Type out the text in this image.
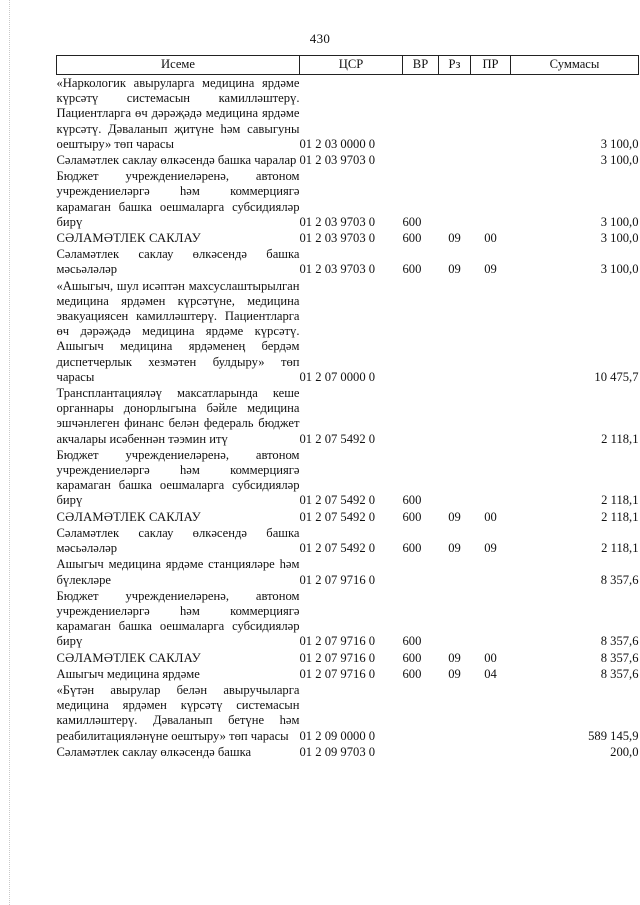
430
Исеме	ЦСР	ВР	Рз	ПР	Суммасы
«Наркологик авыруларга медицина ярдәме күрсәтү системасын камилләштерү. Пациентларга өч дәрәҗәдә медицина ярдәме күрсәтү. Дәваланып җитүне һәм савыгуны оештыру» төп чарасы	01 2 03 0000 0				3 100,0
Сәламәтлек саклау өлкәсендә башка чаралар	01 2 03 9703 0				3 100,0
Бюджет учреждениеләренә, автоном учреждениеләргә һәм коммерциягә карамаган башка оешмаларга субсидияләр бирү	01 2 03 9703 0	600			3 100,0
СӘЛАМӘТЛЕК САКЛАУ	01 2 03 9703 0	600	09	00	3 100,0
Сәламәтлек саклау өлкәсендә башка мәсьәләләр	01 2 03 9703 0	600	09	09	3 100,0
«Ашыгыч, шул исәптән махсуслаштырылган медицина ярдәмен күрсәтүне, медицина эвакуациясен камилләштерү. Пациентларга өч дәрәҗәдә медицина ярдәме күрсәтү. Ашыгыч медицина ярдәменең бердәм диспетчерлык хезмәтен булдыру» төп чарасы	01 2 07 0000 0				10 475,7
Трансплантацияләү максатларында кеше органнары донорлыгына бәйле медицина эшчәнлеген финанс белән федераль бюджет акчалары исәбеннән тәэмин итү	01 2 07 5492 0				2 118,1
Бюджет учреждениеләренә, автоном учреждениеләргә һәм коммерциягә карамаган башка оешмаларга субсидияләр бирү	01 2 07 5492 0	600			2 118,1
СӘЛАМӘТЛЕК САКЛАУ	01 2 07 5492 0	600	09	00	2 118,1
Сәламәтлек саклау өлкәсендә башка мәсьәләләр	01 2 07 5492 0	600	09	09	2 118,1
Ашыгыч медицина ярдәме станцияләре һәм бүлекләре	01 2 07 9716 0				8 357,6
Бюджет учреждениеләренә, автоном учреждениеләргә һәм коммерциягә карамаган башка оешмаларга субсидияләр бирү	01 2 07 9716 0	600			8 357,6
СӘЛАМӘТЛЕК САКЛАУ	01 2 07 9716 0	600	09	00	8 357,6
Ашыгыч медицина ярдәме	01 2 07 9716 0	600	09	04	8 357,6
«Бүтән авырулар белән авыручыларга медицина ярдәмен күрсәтү системасын камилләштерү. Дәваланып бетүне һәм реабилитацияләнүне оештыру» төп чарасы	01 2 09 0000 0				589 145,9
Сәламәтлек саклау өлкәсендә башка	01 2 09 9703 0				200,0
